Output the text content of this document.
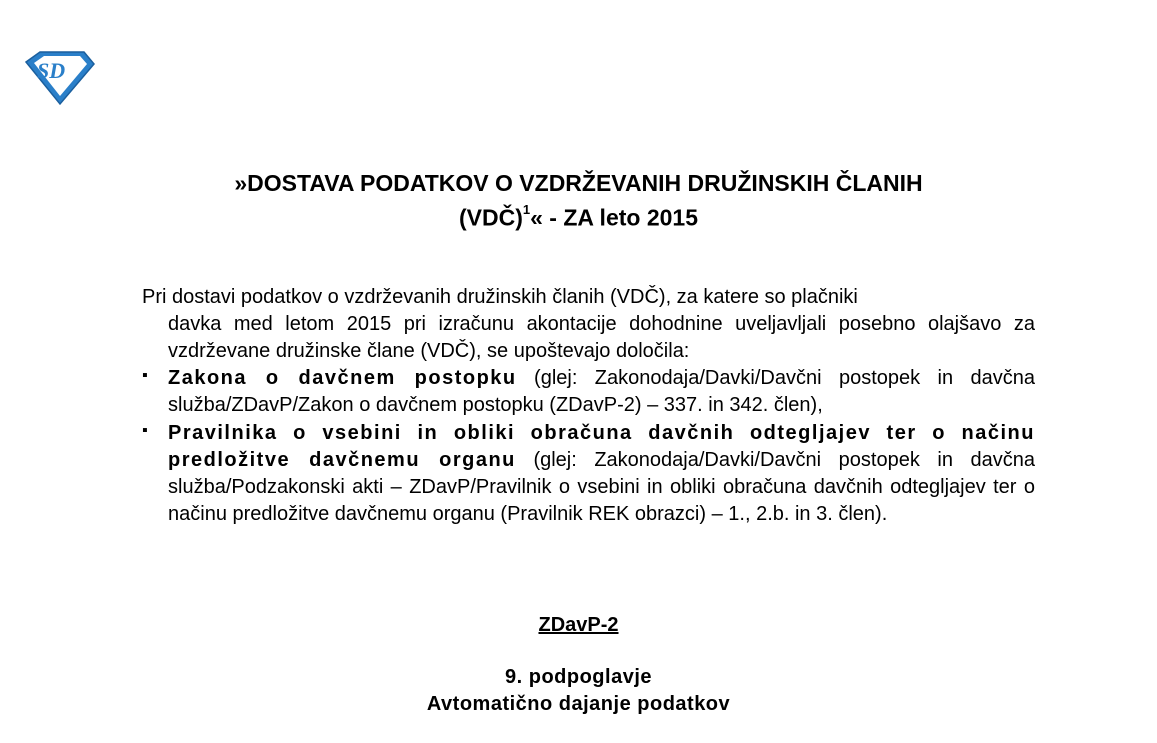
SD
»DOSTAVA PODATKOV O VZDRŽEVANIH DRUŽINSKIH ČLANIH
(VDČ)$^1$« - ZA leto 2015
Pri dostavi podatkov o vzdrževanih družinskih članih (VDČ), za katere so plačniki
davka med letom 2015 pri izračunu akontacije dohodnine uveljavljali posebno olajšavo za vzdrževane družinske člane (VDČ), se upoštevajo določila:
▪ Zakona o davčnem postopku (glej: Zakonodaja/Davki/Davčni postopek in davčna služba/ZDavP/Zakon o davčnem postopku (ZDavP-2) – 337. in 342. člen),
▪ Pravilnika o vsebini in obliki obračuna davčnih odtegljajev ter o načinu predložitve davčnemu organu (glej: Zakonodaja/Davki/Davčni postopek in davčna služba/Podzakonski akti – ZDavP/Pravilnik o vsebini in obliki obračuna davčnih odtegljajev ter o načinu predložitve davčnemu organu (Pravilnik REK obrazci) – 1., 2.b. in 3. člen).
ZDavP-2
9. podpoglavje
Avtomatično dajanje podatkov
